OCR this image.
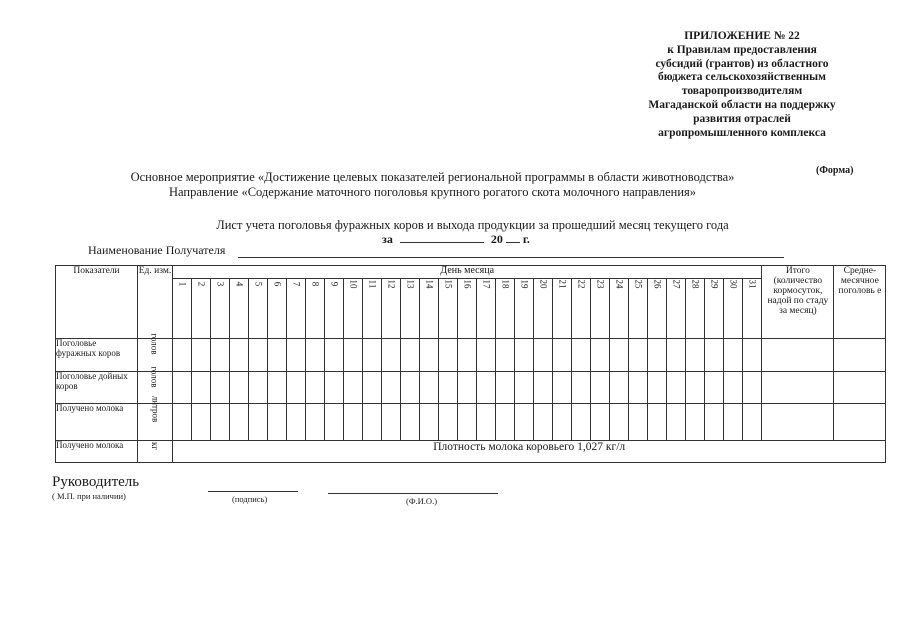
ПРИЛОЖЕНИЕ № 22
к Правилам предоставления
субсидий (грантов) из областного
бюджета сельскохозяйственным
товаропроизводителям
Магаданской области на поддержку
развития отраслей
агропромышленного комплекса
(Форма)
Основное мероприятие «Достижение целевых показателей региональной программы в области животноводства»
Направление «Содержание маточного поголовья крупного рогатого скота молочного направления»
Лист учета поголовья фуражных коров и выхода продукции за прошедший месяц текущего года
за	20 г.
Наименование Получателя
Показатели	Ед. изм.	День месяца																															Итого (количество кормосуток, надой по стаду за месяц)	Средне-месячное поголовь е
		1	2	3	4	5	6	7	8	9	10	11	12	13	14	15	16	17	18	19	20	21	22	23	24	25	26	27	28	29	30	31		
Поголовье фуражных коров	голов																																	
Поголовье дойных коров	голов																																	
Получено молока	литров																																	
Получено молока	кг	Плотность молока коровьего 1,027 кг/л																																
Руководитель
( М.П. при наличии)	(подпись)	(Ф.И.О.)
